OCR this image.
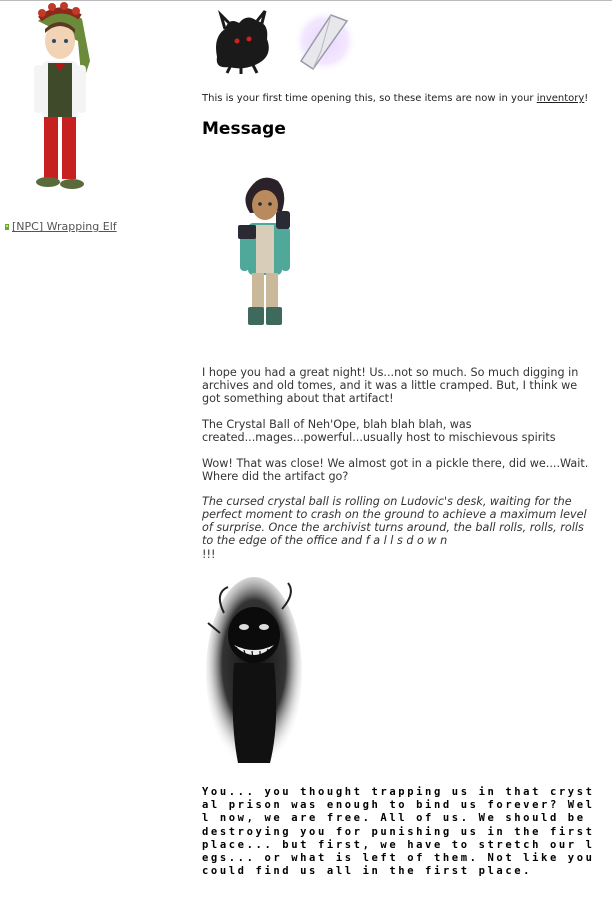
[NPC] Wrapping Elf
This is your first time opening this, so these items are now in your inventory!
Message

I hope you had a great night! Us...not so much. So much digging in archives and old tomes, and it was a little cramped. But, I think we got something about that artifact!

The Crystal Ball of Neh'Ope, blah blah blah, was created...mages...powerful...usually host to mischievous spirits

Wow! That was close! We almost got in a pickle there, did we....Wait. Where did the artifact go?

The cursed crystal ball is rolling on Ludovic's desk, waiting for the perfect moment to crash on the ground to achieve a maximum level of surprise. Once the archivist turns around, the ball rolls, rolls, rolls to the edge of the office and f a l l s d o w n

!!!

You... you thought trapping us in that crystal prison was enough to bind us forever? Well now, we are free. All of us. We should be destroying you for punishing us in the first place... but first, we have to stretch our legs... or what is left of them. Not like you could find us all in the first place.
